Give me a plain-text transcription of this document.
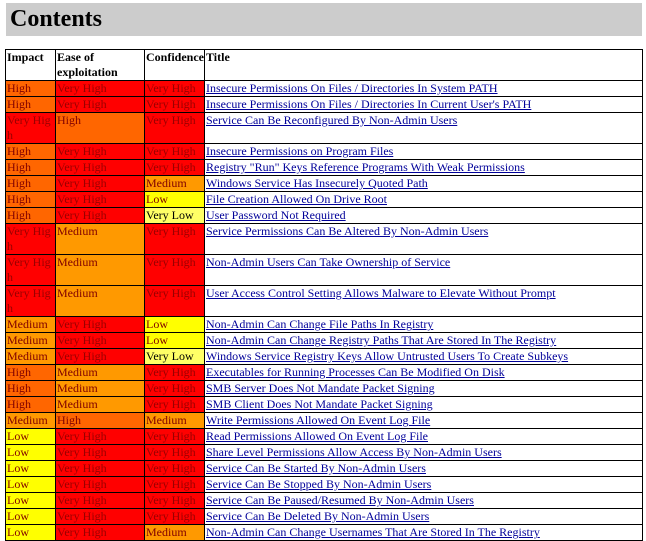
Contents
Impact	Ease of exploitation	Confidence	Title
High	Very High	Very High	Insecure Permissions On Files / Directories In System PATH
High	Very High	Very High	Insecure Permissions On Files / Directories In Current User's PATH
Very High	High	Very High	Service Can Be Reconfigured By Non-Admin Users
High	Very High	Very High	Insecure Permissions on Program Files
High	Very High	Very High	Registry "Run" Keys Reference Programs With Weak Permissions
High	Very High	Medium	Windows Service Has Insecurely Quoted Path
High	Very High	Low	File Creation Allowed On Drive Root
High	Very High	Very Low	User Password Not Required
Very High	Medium	Very High	Service Permissions Can Be Altered By Non-Admin Users
Very High	Medium	Very High	Non-Admin Users Can Take Ownership of Service
Very High	Medium	Very High	User Access Control Setting Allows Malware to Elevate Without Prompt
Medium	Very High	Low	Non-Admin Can Change File Paths In Registry
Medium	Very High	Low	Non-Admin Can Change Registry Paths That Are Stored In The Registry
Medium	Very High	Very Low	Windows Service Registry Keys Allow Untrusted Users To Create Subkeys
High	Medium	Very High	Executables for Running Processes Can Be Modified On Disk
High	Medium	Very High	SMB Server Does Not Mandate Packet Signing
High	Medium	Very High	SMB Client Does Not Mandate Packet Signing
Medium	High	Medium	Write Permissions Allowed On Event Log File
Low	Very High	Very High	Read Permissions Allowed On Event Log File
Low	Very High	Very High	Share Level Permissions Allow Access By Non-Admin Users
Low	Very High	Very High	Service Can Be Started By Non-Admin Users
Low	Very High	Very High	Service Can Be Stopped By Non-Admin Users
Low	Very High	Very High	Service Can Be Paused/Resumed By Non-Admin Users
Low	Very High	Very High	Service Can Be Deleted By Non-Admin Users
Low	Very High	Medium	Non-Admin Can Change Usernames That Are Stored In The Registry
